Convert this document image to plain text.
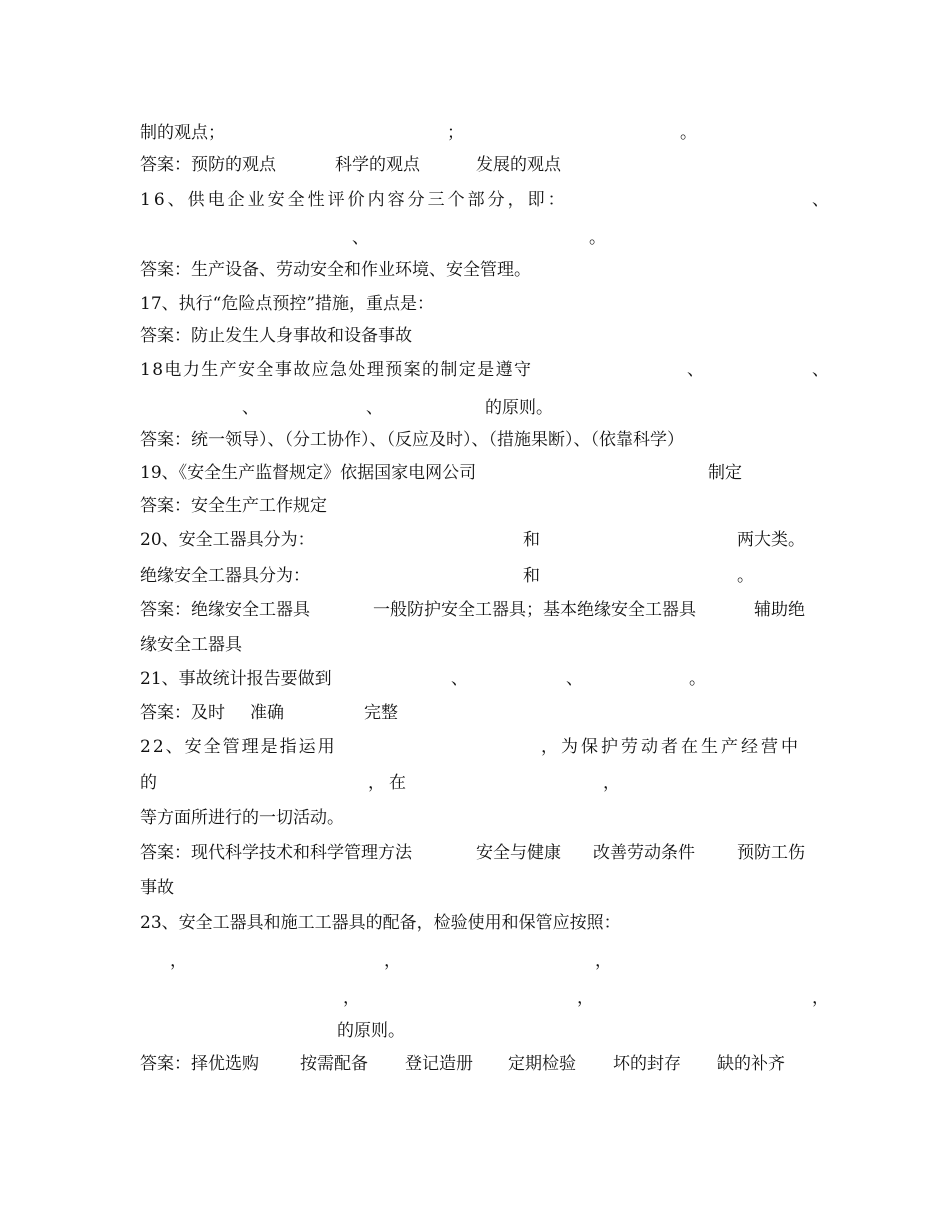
制的观点；	；	。
答案：预防的观点	科学的观点	发展的观点
16、供电企业安全性评价内容分三个部分，即：	、
、	。
答案：生产设备、劳动安全和作业环境、安全管理。
17、执行“危险点预控”措施，重点是：
答案：防止发生人身事故和设备事故
18电力生产安全事故应急处理预案的制定是遵守	、	、
、	、	的原则。
答案：统一领导）、（分工协作）、（反应及时）、（措施果断）、（依靠科学）
19、《安全生产监督规定》依据国家电网公司	制定
答案：安全生产工作规定
20、安全工器具分为：	和	两大类。
绝缘安全工器具分为：	和	。
答案：绝缘安全工器具	一般防护安全工器具；基本绝缘安全工器具	辅助绝
缘安全工器具
21、事故统计报告要做到	、	、	。
答案：及时 准确	完整
22、安全管理是指运用	，为保护劳动者在生产经营中
的	，在	，
等方面所进行的一切活动。
答案：现代科学技术和科学管理方法	安全与健康 改善劳动条件 预防工伤
事故
23、安全工器具和施工工器具的配备，检验使用和保管应按照：
，	，	，
，	，	，
的原则。
答案：择优选购 按需配备 登记造册 定期检验 坏的封存 缺的补齐
